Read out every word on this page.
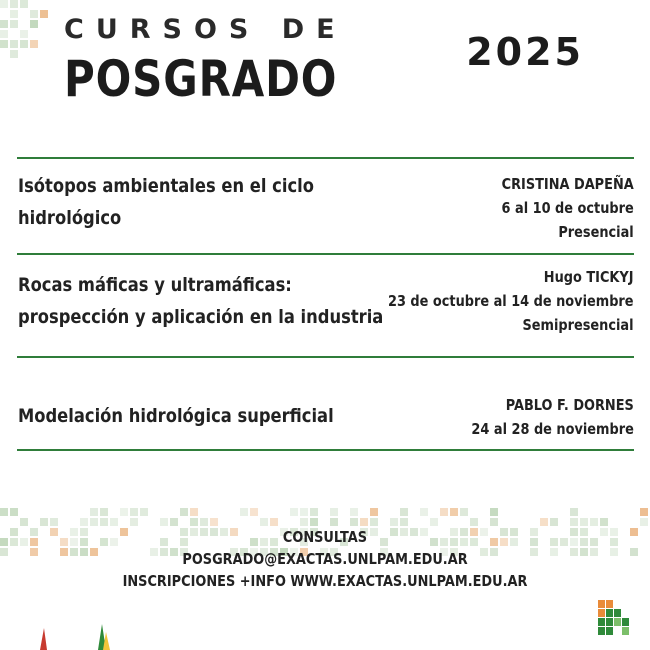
CURSOS DE
POSGRADO	2025
Isótopos ambientales en el ciclo
hidrológico
CRISTINA DAPEÑA
6 al 10 de octubre
Presencial
Rocas máficas y ultramáficas:
prospección y aplicación en la industria
Hugo TICKYJ
23 de octubre al 14 de noviembre
Semipresencial
Modelación hidrológica superficial	PABLO F. DORNES
24 al 28 de noviembre
CONSULTAS
POSGRADO@EXACTAS.UNLPAM.EDU.AR
INSCRIPCIONES +INFO WWW.EXACTAS.UNLPAM.EDU.AR
